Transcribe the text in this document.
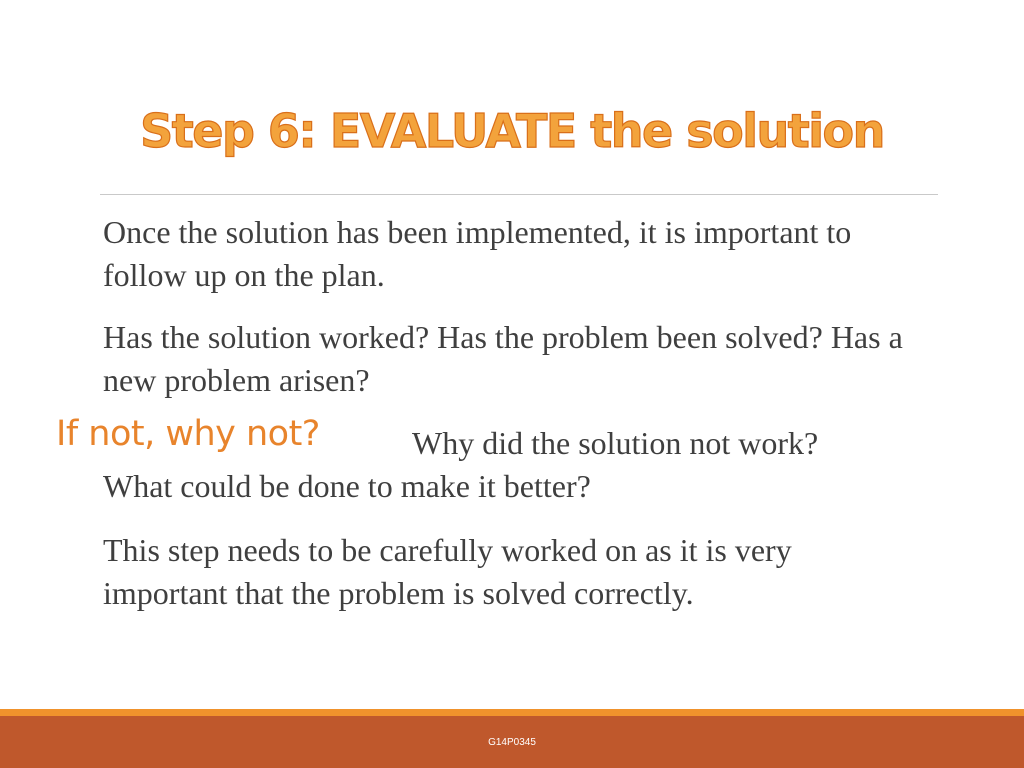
Step 6: EVALUATE the solution

Once the solution has been implemented, it is important to follow up on the plan.

Has the solution worked? Has the problem been solved? Has a new problem arisen?

Why did the solution not work?
What could be done to make it better?

This step needs to be carefully worked on as it is very important that the problem is solved correctly.

If not, why not?
G14P0345
